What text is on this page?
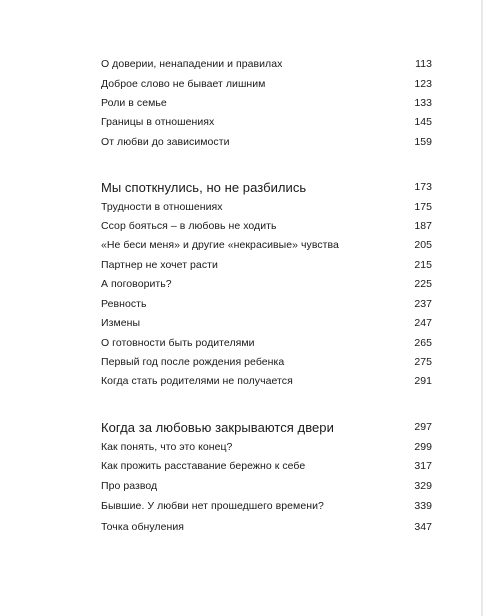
О доверии, ненападении и правилах	113
Доброе слово не бывает лишним	123
Роли в семье	133
Границы в отношениях	145
От любви до зависимости	159
Мы споткнулись, но не разбились	173
Трудности в отношениях	175
Ссор бояться – в любовь не ходить	187
«Не беси меня» и другие «некрасивые» чувства	205
Партнер не хочет расти	215
А поговорить?	225
Ревность	237
Измены	247
О готовности быть родителями	265
Первый год после рождения ребенка	275
Когда стать родителями не получается	291
Когда за любовью закрываются двери	297
Как понять, что это конец?	299
Как прожить расставание бережно к себе	317
Про развод	329
Бывшие. У любви нет прошедшего времени?	339
Точка обнуления	347
